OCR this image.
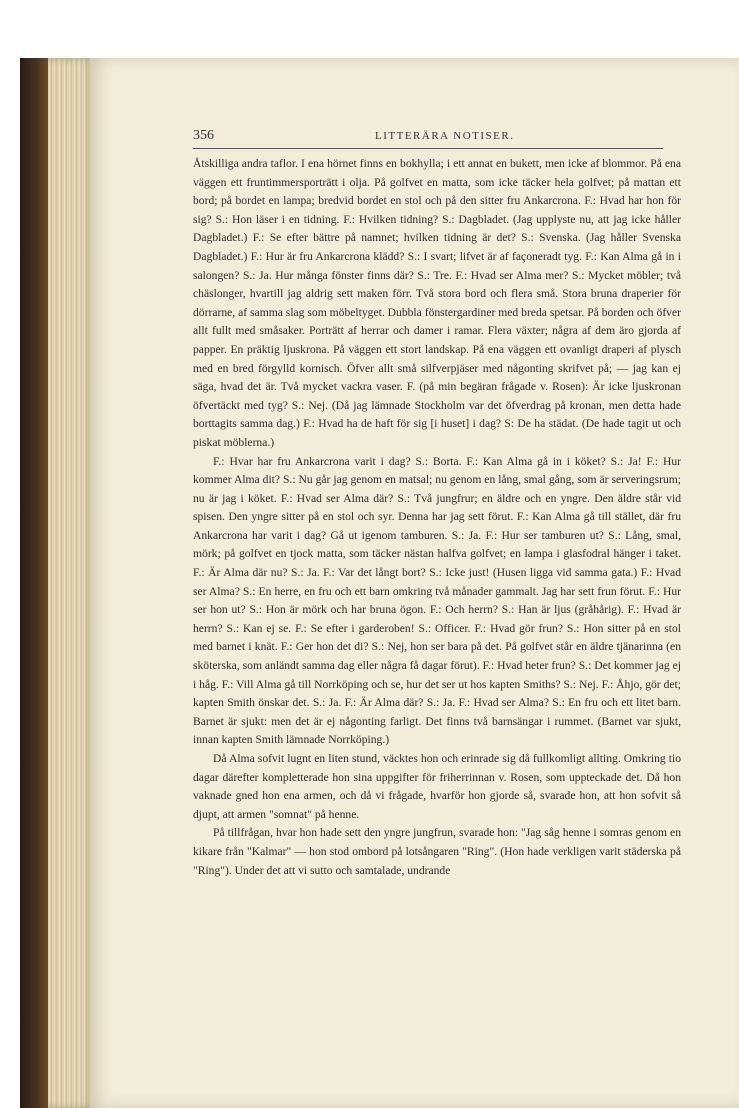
356	LITTERÄRA NOTISER.

Åtskilliga andra taflor. I ena hörnet finns en bokhylla; i ett annat en bukett, men icke af blommor. På ena väggen ett fruntimmersporträtt i olja. På golfvet en matta, som icke täcker hela golfvet; på mattan ett bord; på bordet en lampa; bredvid bordet en stol och på den sitter fru Ankarcrona. F.: Hvad har hon för sig? S.: Hon läser i en tidning. F.: Hvilken tidning? S.: Dagbladet. (Jag upplyste nu, att jag icke håller Dagbladet.) F.: Se efter bättre på namnet; hvilken tidning är det? S.: Svenska. (Jag håller Svenska Dagbladet.) F.: Hur är fru Ankarcrona klädd? S.: I svart; lifvet är af façoneradt tyg. F.: Kan Alma gå in i salongen? S.: Ja. Hur många fönster finns där? S.: Tre. F.: Hvad ser Alma mer? S.: Mycket möbler; två chäslonger, hvartill jag aldrig sett maken förr. Två stora bord och flera små. Stora bruna draperier för dörrarne, af samma slag som möbeltyget. Dubbla fönstergardiner med breda spetsar. På borden och öfver allt fullt med småsaker. Porträtt af herrar och damer i ramar. Flera växter; några af dem äro gjorda af papper. En präktig ljuskrona. På väggen ett stort landskap. På ena väggen ett ovanligt draperi af plysch med en bred förgylld kornisch. Öfver allt små silfverpjäser med någonting skrifvet på; — jag kan ej säga, hvad det är. Två mycket vackra vaser. F. (på min begäran frågade v. Rosen): Är icke ljuskronan öfvertäckt med tyg? S.: Nej. (Då jag lämnade Stockholm var det öfverdrag på kronan, men detta hade borttagits samma dag.) F.: Hvad ha de haft för sig [i huset] i dag? S: De ha städat. (De hade tagit ut och piskat möblerna.)

F.: Hvar har fru Ankarcrona varit i dag? S.: Borta. F.: Kan Alma gå in i köket? S.: Ja! F.: Hur kommer Alma dit? S.: Nu går jag genom en matsal; nu genom en lång, smal gång, som är serveringsrum; nu är jag i köket. F.: Hvad ser Alma där? S.: Två jungfrur; en äldre och en yngre. Den äldre står vid spisen. Den yngre sitter på en stol och syr. Denna har jag sett förut. F.: Kan Alma gå till stället, där fru Ankarcrona har varit i dag? Gå ut igenom tamburen. S.: Ja. F.: Hur ser tamburen ut? S.: Lång, smal, mörk; på golfvet en tjock matta, som täcker nästan halfva golfvet; en lampa i glasfodral hänger i taket. F.: Är Alma där nu? S.: Ja. F.: Var det långt bort? S.: Icke just! (Husen ligga vid samma gata.) F.: Hvad ser Alma? S.: En herre, en fru och ett barn omkring två månader gammalt. Jag har sett frun förut. F.: Hur ser hon ut? S.: Hon är mörk och har bruna ögon. F.: Och herrn? S.: Han är ljus (gråhårig). F.: Hvad är herrn? S.: Kan ej se. F.: Se efter i garderoben! S.: Officer. F.: Hvad gör frun? S.: Hon sitter på en stol med barnet i knät. F.: Ger hon det di? S.: Nej, hon ser bara på det. På golfvet står en äldre tjänarinna (en sköterska, som anländt samma dag eller några få dagar förut). F.: Hvad heter frun? S.: Det kommer jag ej i håg. F.: Vill Alma gå till Norrköping och se, hur det ser ut hos kapten Smiths? S.: Nej. F.: Åhjo, gör det; kapten Smith önskar det. S.: Ja. F.: Är Alma där? S.: Ja. F.: Hvad ser Alma? S.: En fru och ett litet barn. Barnet är sjukt: men det är ej någonting farligt. Det finns två barnsängar i rummet. (Barnet var sjukt, innan kapten Smith lämnade Norrköping.)

Då Alma sofvit lugnt en liten stund, väcktes hon och erinrade sig då fullkomligt allting. Omkring tio dagar därefter kompletterade hon sina uppgifter för friherrinnan v. Rosen, som uppteckade det. Då hon vaknade gned hon ena armen, och då vi frågade, hvarför hon gjorde så, svarade hon, att hon sofvit så djupt, att armen "somnat" på henne.

På tillfrågan, hvar hon hade sett den yngre jungfrun, svarade hon: "Jag såg henne i somras genom en kikare från "Kalmar" — hon stod ombord på lotsångaren "Ring". (Hon hade verkligen varit städerska på "Ring"). Under det att vi sutto och samtalade, undrande
